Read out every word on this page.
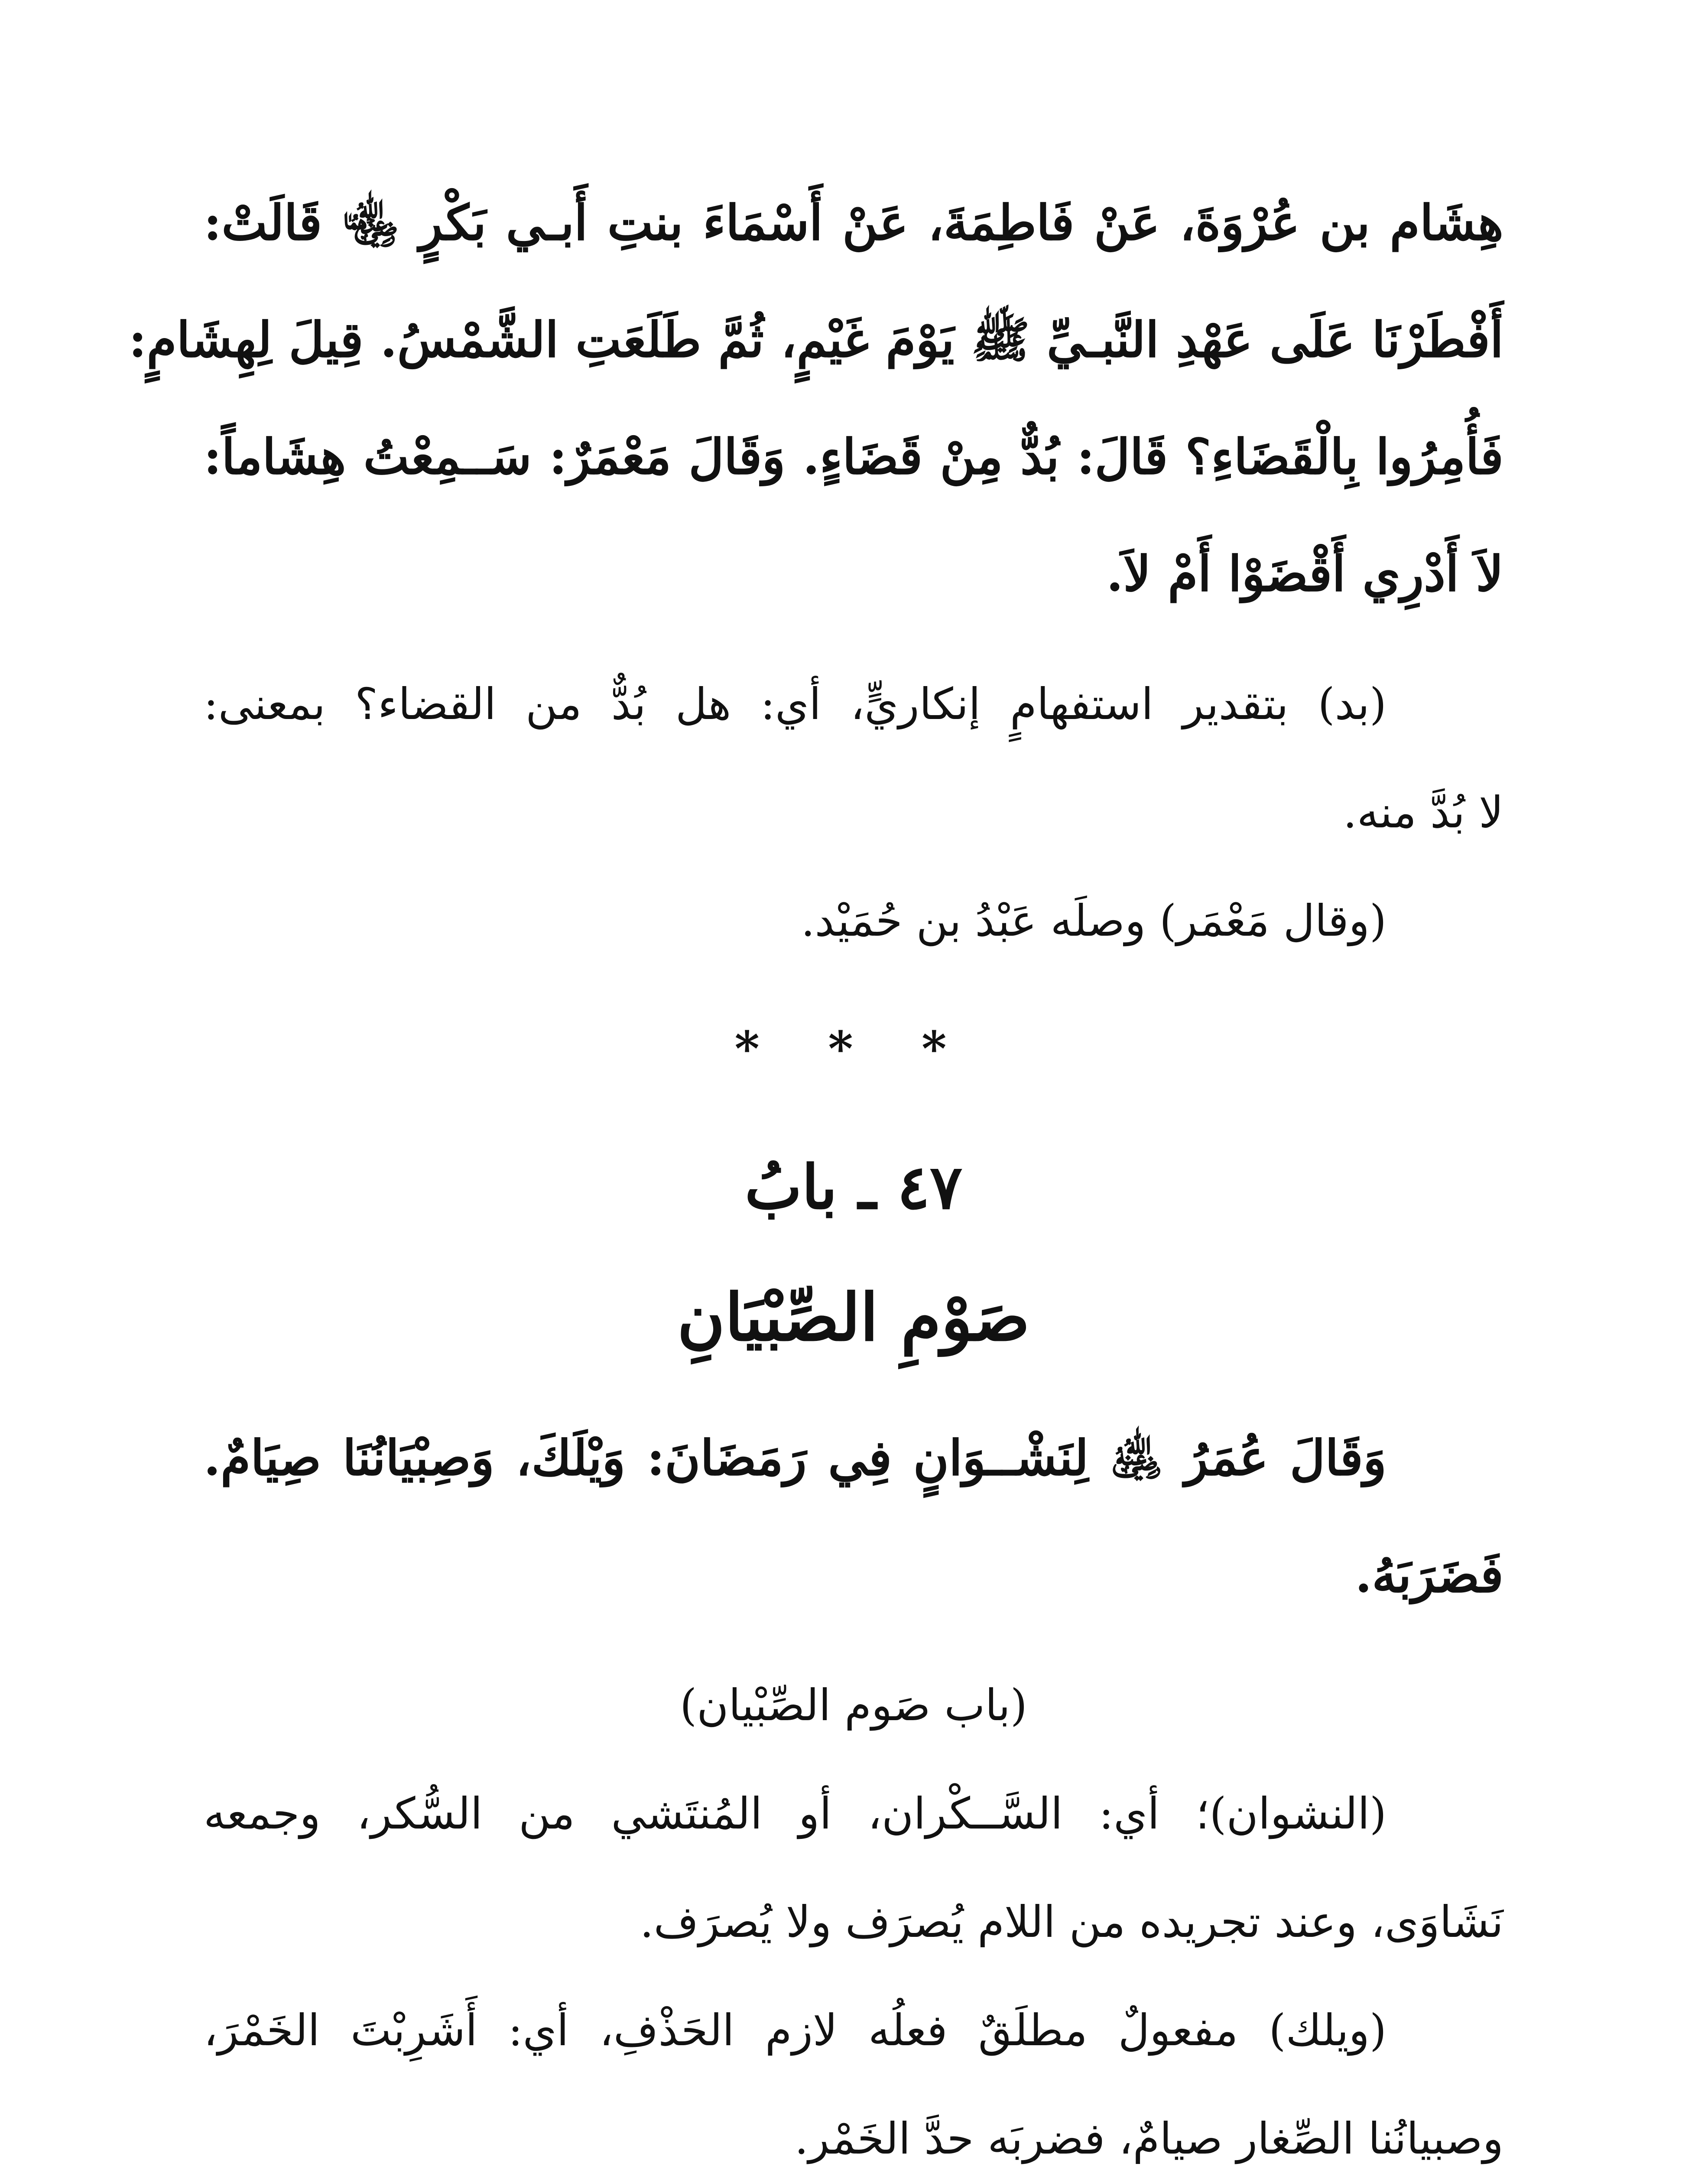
هِشَام بن عُرْوَةَ، عَنْ فَاطِمَةَ، عَنْ أَسْمَاءَ بنتِ أَبـي بَكْرٍ ﵄ قَالَتْ:
أَفْطَرْنَا عَلَى عَهْدِ النَّبـيِّ ﷺ يَوْمَ غَيْمٍ، ثُمَّ طَلَعَتِ الشَّمْسُ. قِيلَ لِهِشَامٍ:
فَأُمِرُوا بِالْقَضَاءِ؟ قَالَ: بُدٌّ مِنْ قَضَاءٍ. وَقَالَ مَعْمَرٌ: سَــمِعْتُ هِشَاماً:
لاَ أَدْرِي أَقْضَوْا أَمْ لاَ.
(بد) بتقدير استفهامٍ إنكاريٍّ، أي: هل بُدٌّ من القضاء؟ بمعنى:
لا بُدَّ منه.
(وقال مَعْمَر) وصلَه عَبْدُ بن حُمَيْد.
* * *
٤٧ ـ بابُ
صَوْمِ الصِّبْيَانِ
وَقَالَ عُمَرُ ﵁ لِنَشْــوَانٍ فِي رَمَضَانَ: وَيْلَكَ، وَصِبْيَانُنَا صِيَامٌ.
فَضَرَبَهُ.
(باب صَوم الصِّبْيان)
(النشوان)؛ أي: السَّــكْران، أو المُنتَشي من السُّكر، وجمعه
نَشَاوَى، وعند تجريده من اللام يُصرَف ولا يُصرَف.
(ويلك) مفعولٌ مطلَقٌ فعلُه لازم الحَذْفِ، أي: أَشَرِبْتَ الخَمْرَ،
وصبيانُنا الصِّغار صيامٌ، فضربَه حدَّ الخَمْر.
